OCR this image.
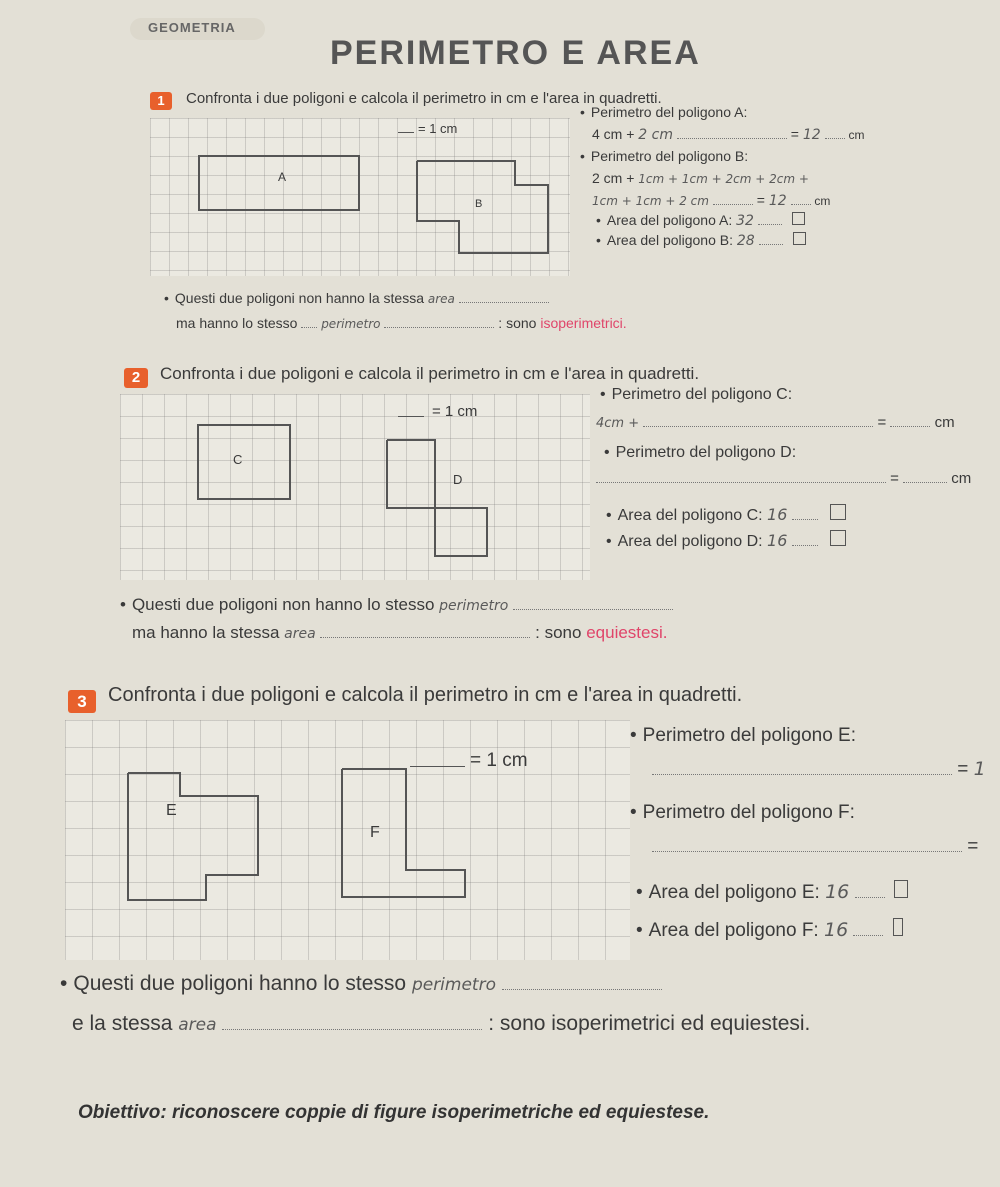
GEOMETRIA
PERIMETRO E AREA
1	Confronta i due poligoni e calcola il perimetro in cm e l'area in quadretti.
= 1 cm
A
B
• Perimetro del poligono A:
4 cm + 2 cm	= 12 cm
• Perimetro del poligono B:
2 cm + 1cm + 1cm + 2cm + 2cm +
1cm + 1cm + 2 cm	= 12 cm
• Area del poligono A: 32
• Area del poligono B: 28
• Questi due poligoni non hanno la stessa area
ma hanno lo stesso perimetro	: sono isoperimetrici.
2	Confronta i due poligoni e calcola il perimetro in cm e l'area in quadretti.
= 1 cm
C
D
• Perimetro del poligono C:
4cm +	=	cm
• Perimetro del poligono D:
=	cm
• Area del poligono C: 16
• Area del poligono D: 16
• Questi due poligoni non hanno lo stesso perimetro
ma hanno la stessa area	: sono equiestesi.
3	Confronta i due poligoni e calcola il perimetro in cm e l'area in quadretti.
= 1 cm
E
F
• Perimetro del poligono E:
= 1
• Perimetro del poligono F:
=
• Area del poligono E: 16
• Area del poligono F: 16
• Questi due poligoni hanno lo stesso perimetro
e la stessa area	: sono isoperimetrici ed equiestesi.
Obiettivo: riconoscere coppie di figure isoperimetriche ed equiestese.
